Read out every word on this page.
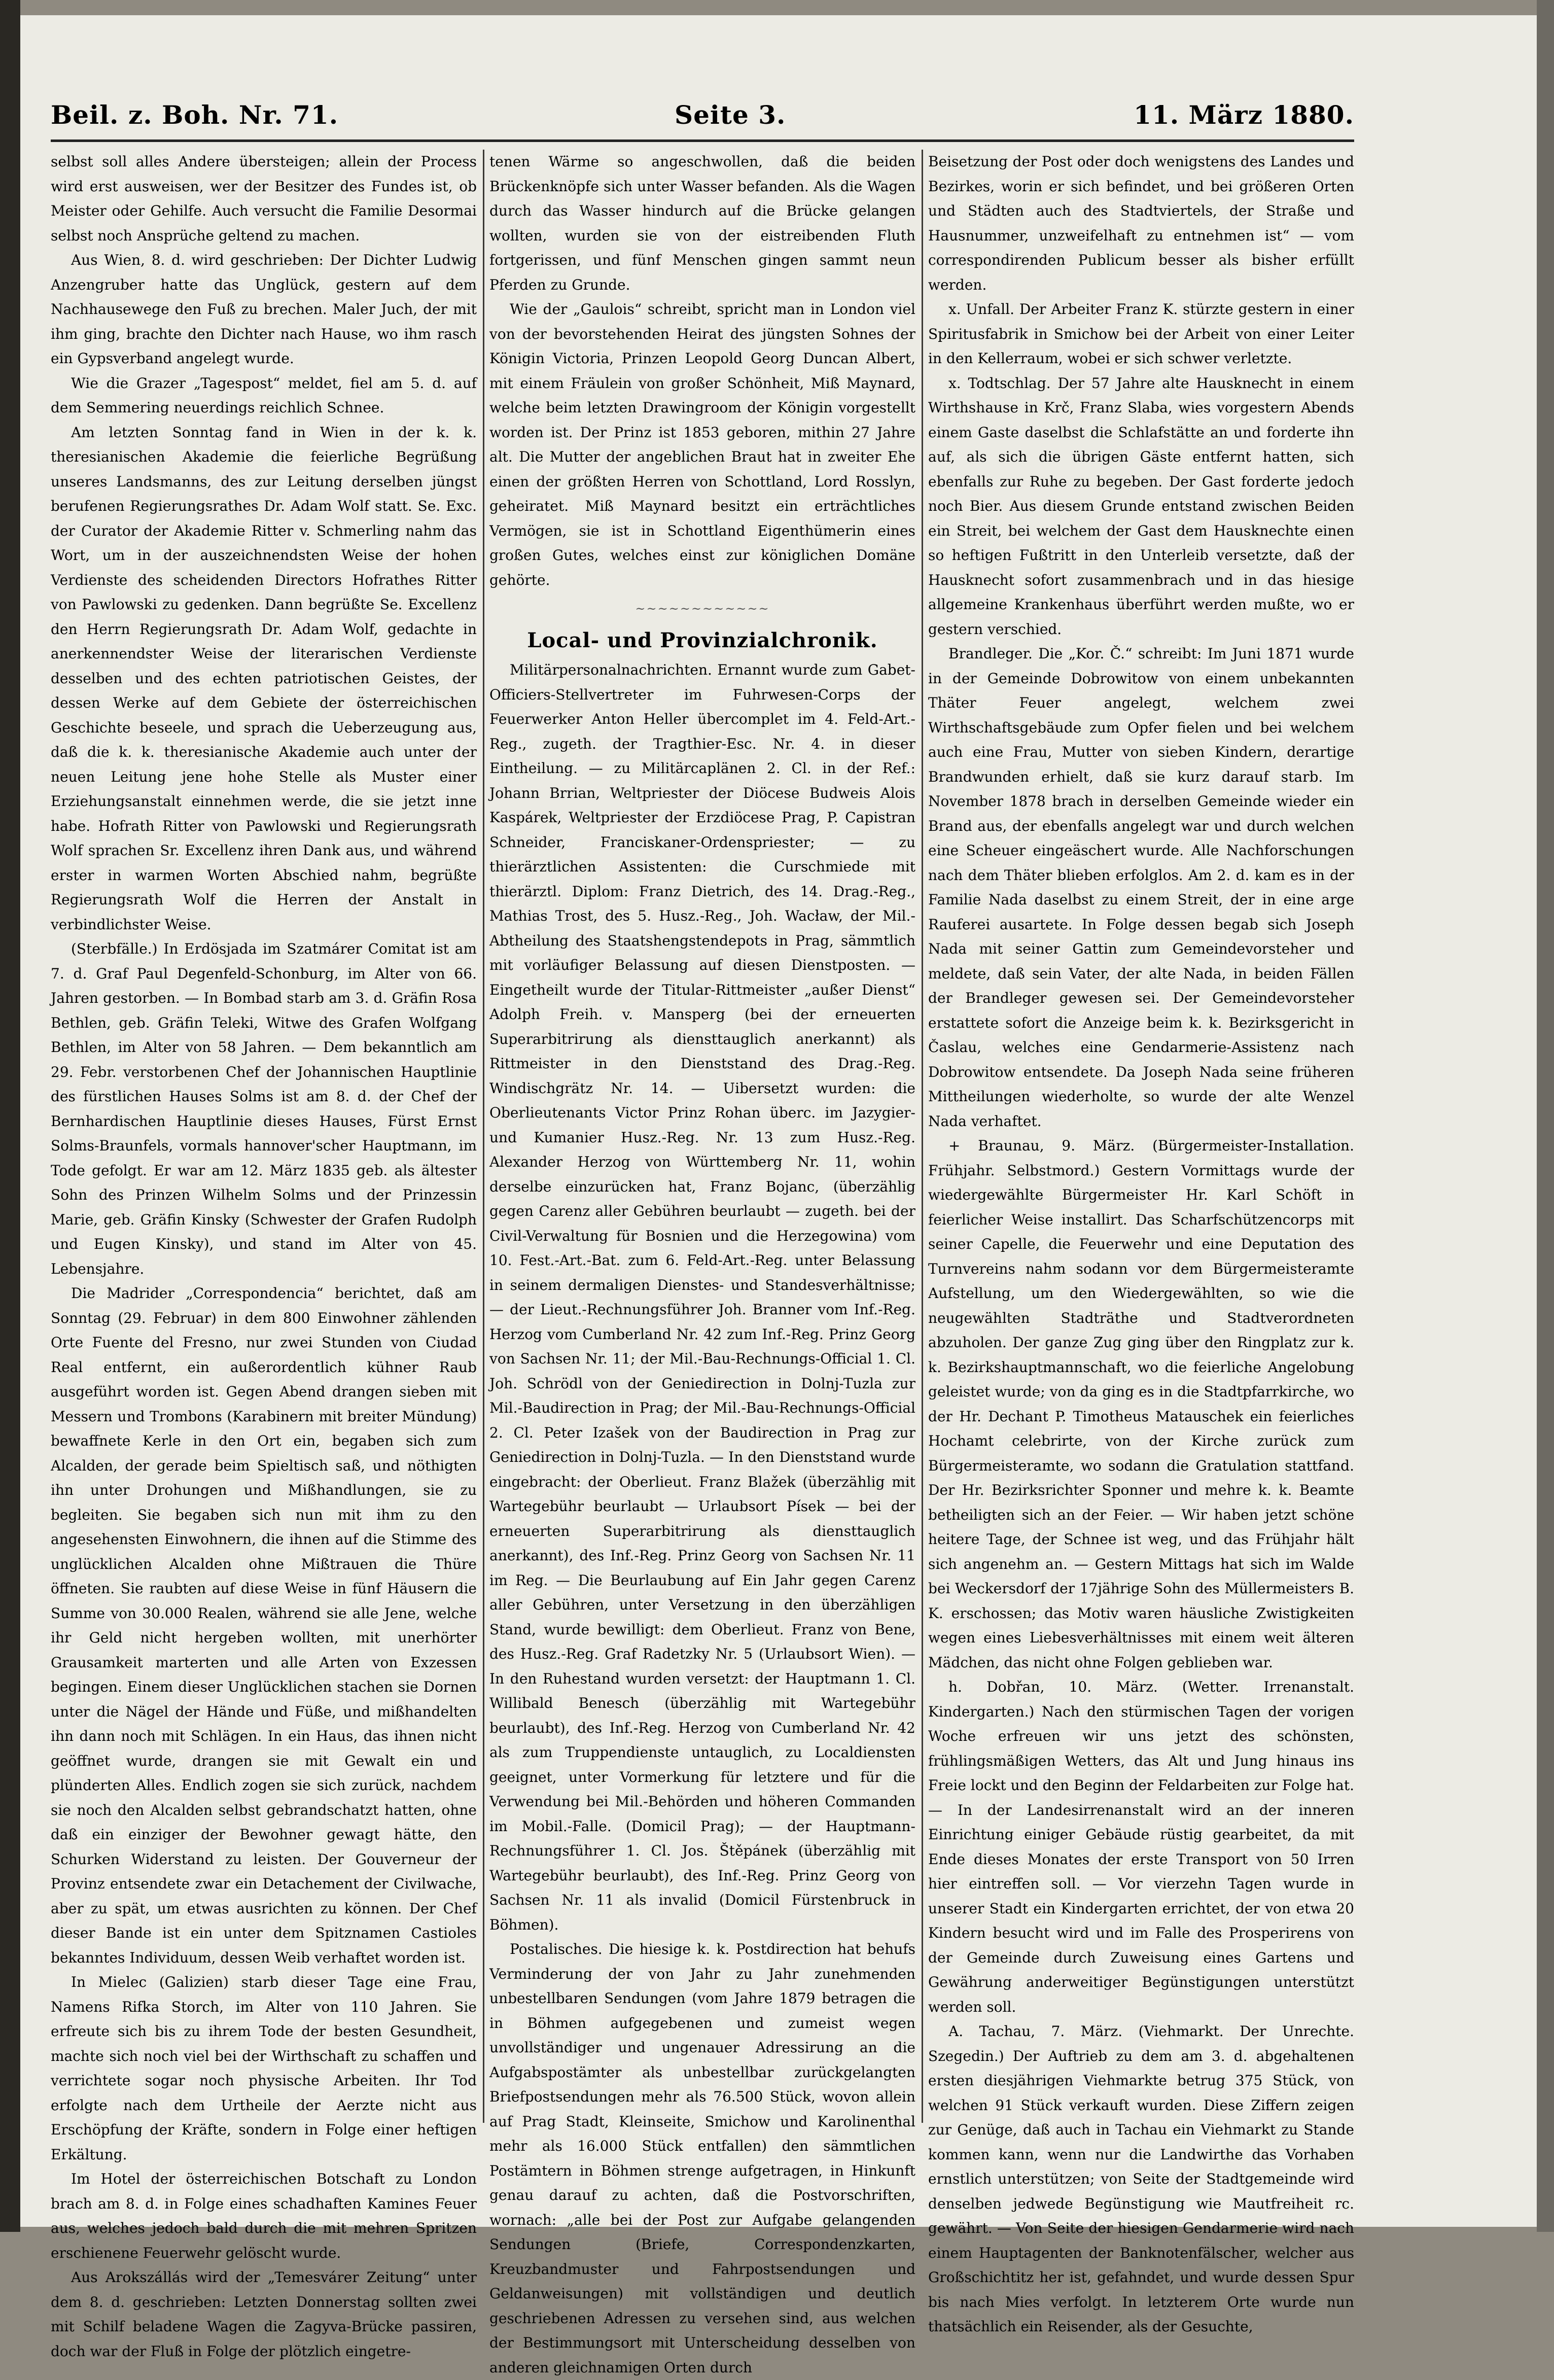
Beil. z. Boh. Nr. 71.	Seite 3.	11. März 1880.

selbst soll alles Andere übersteigen; allein der Process wird erst ausweisen, wer der Besitzer des Fundes ist, ob Meister oder Gehilfe. Auch versucht die Familie Desormai selbst noch Ansprüche geltend zu machen.

Aus Wien, 8. d. wird geschrieben: Der Dichter Ludwig Anzengruber hatte das Unglück, gestern auf dem Nachhausewege den Fuß zu brechen. Maler Juch, der mit ihm ging, brachte den Dichter nach Hause, wo ihm rasch ein Gypsverband angelegt wurde.

Wie die Grazer „Tagespost“ meldet, fiel am 5. d. auf dem Semmering neuerdings reichlich Schnee.

Am letzten Sonntag fand in Wien in der k. k. theresianischen Akademie die feierliche Begrüßung unseres Landsmanns, des zur Leitung derselben jüngst berufenen Regierungsrathes Dr. Adam Wolf statt. Se. Exc. der Curator der Akademie Ritter v. Schmerling nahm das Wort, um in der auszeichnendsten Weise der hohen Verdienste des scheidenden Directors Hofrathes Ritter von Pawlowski zu gedenken. Dann begrüßte Se. Excellenz den Herrn Regierungsrath Dr. Adam Wolf, gedachte in anerkennendster Weise der literarischen Verdienste desselben und des echten patriotischen Geistes, der dessen Werke auf dem Gebiete der österreichischen Geschichte beseele, und sprach die Ueberzeugung aus, daß die k. k. theresianische Akademie auch unter der neuen Leitung jene hohe Stelle als Muster einer Erziehungsanstalt einnehmen werde, die sie jetzt inne habe. Hofrath Ritter von Pawlowski und Regierungsrath Wolf sprachen Sr. Excellenz ihren Dank aus, und während erster in warmen Worten Abschied nahm, begrüßte Regierungsrath Wolf die Herren der Anstalt in verbindlichster Weise.

(Sterbfälle.) In Erdösjada im Szatmárer Comitat ist am 7. d. Graf Paul Degenfeld-Schonburg, im Alter von 66. Jahren gestorben. — In Bombad starb am 3. d. Gräfin Rosa Bethlen, geb. Gräfin Teleki, Witwe des Grafen Wolfgang Bethlen, im Alter von 58 Jahren. — Dem bekanntlich am 29. Febr. verstorbenen Chef der Johannischen Hauptlinie des fürstlichen Hauses Solms ist am 8. d. der Chef der Bernhardischen Hauptlinie dieses Hauses, Fürst Ernst Solms-Braunfels, vormals hannover'scher Hauptmann, im Tode gefolgt. Er war am 12. März 1835 geb. als ältester Sohn des Prinzen Wilhelm Solms und der Prinzessin Marie, geb. Gräfin Kinsky (Schwester der Grafen Rudolph und Eugen Kinsky), und stand im Alter von 45. Lebensjahre.

Die Madrider „Correspondencia“ berichtet, daß am Sonntag (29. Februar) in dem 800 Einwohner zählenden Orte Fuente del Fresno, nur zwei Stunden von Ciudad Real entfernt, ein außerordentlich kühner Raub ausgeführt worden ist. Gegen Abend drangen sieben mit Messern und Trombons (Karabinern mit breiter Mündung) bewaffnete Kerle in den Ort ein, begaben sich zum Alcalden, der gerade beim Spieltisch saß, und nöthigten ihn unter Drohungen und Mißhandlungen, sie zu begleiten. Sie begaben sich nun mit ihm zu den angesehensten Einwohnern, die ihnen auf die Stimme des unglücklichen Alcalden ohne Mißtrauen die Thüre öffneten. Sie raubten auf diese Weise in fünf Häusern die Summe von 30.000 Realen, während sie alle Jene, welche ihr Geld nicht hergeben wollten, mit unerhörter Grausamkeit marterten und alle Arten von Exzessen begingen. Einem dieser Unglücklichen stachen sie Dornen unter die Nägel der Hände und Füße, und mißhandelten ihn dann noch mit Schlägen. In ein Haus, das ihnen nicht geöffnet wurde, drangen sie mit Gewalt ein und plünderten Alles. Endlich zogen sie sich zurück, nachdem sie noch den Alcalden selbst gebrandschatzt hatten, ohne daß ein einziger der Bewohner gewagt hätte, den Schurken Widerstand zu leisten. Der Gouverneur der Provinz entsendete zwar ein Detachement der Civilwache, aber zu spät, um etwas ausrichten zu können. Der Chef dieser Bande ist ein unter dem Spitznamen Castioles bekanntes Individuum, dessen Weib verhaftet worden ist.

In Mielec (Galizien) starb dieser Tage eine Frau, Namens Rifka Storch, im Alter von 110 Jahren. Sie erfreute sich bis zu ihrem Tode der besten Gesundheit, machte sich noch viel bei der Wirthschaft zu schaffen und verrichtete sogar noch physische Arbeiten. Ihr Tod erfolgte nach dem Urtheile der Aerzte nicht aus Erschöpfung der Kräfte, sondern in Folge einer heftigen Erkältung.

Im Hotel der österreichischen Botschaft zu London brach am 8. d. in Folge eines schadhaften Kamines Feuer aus, welches jedoch bald durch die mit mehren Spritzen erschienene Feuerwehr gelöscht wurde.

Aus Arokszállás wird der „Temesvárer Zeitung“ unter dem 8. d. geschrieben: Letzten Donnerstag sollten zwei mit Schilf beladene Wagen die Zagyva-Brücke passiren, doch war der Fluß in Folge der plötzlich eingetre-

tenen Wärme so angeschwollen, daß die beiden Brückenknöpfe sich unter Wasser befanden. Als die Wagen durch das Wasser hindurch auf die Brücke gelangen wollten, wurden sie von der eistreibenden Fluth fortgerissen, und fünf Menschen gingen sammt neun Pferden zu Grunde.

Wie der „Gaulois“ schreibt, spricht man in London viel von der bevorstehenden Heirat des jüngsten Sohnes der Königin Victoria, Prinzen Leopold Georg Duncan Albert, mit einem Fräulein von großer Schönheit, Miß Maynard, welche beim letzten Drawingroom der Königin vorgestellt worden ist. Der Prinz ist 1853 geboren, mithin 27 Jahre alt. Die Mutter der angeblichen Braut hat in zweiter Ehe einen der größten Herren von Schottland, Lord Rosslyn, geheiratet. Miß Maynard besitzt ein erträchtliches Vermögen, sie ist in Schottland Eigenthümerin eines großen Gutes, welches einst zur königlichen Domäne gehörte.

~~~~~~~~~~~~
Local- und Provinzialchronik.

Militärpersonalnachrichten. Ernannt wurde zum Gabet-Officiers-Stellvertreter im Fuhrwesen-Corps der Feuerwerker Anton Heller übercomplet im 4. Feld-Art.-Reg., zugeth. der Tragthier-Esc. Nr. 4. in dieser Eintheilung. — zu Militärcaplänen 2. Cl. in der Ref.: Johann Brrian, Weltpriester der Diöcese Budweis Alois Kaspárek, Weltpriester der Erzdiöcese Prag, P. Capistran Schneider, Franciskaner-Ordenspriester; — zu thierärztlichen Assistenten: die Curschmiede mit thierärztl. Diplom: Franz Dietrich, des 14. Drag.-Reg., Mathias Trost, des 5. Husz.-Reg., Joh. Wacław, der Mil.-Abtheilung des Staatshengstendepots in Prag, sämmtlich mit vorläufiger Belassung auf diesen Dienstposten. — Eingetheilt wurde der Titular-Rittmeister „außer Dienst“ Adolph Freih. v. Mansperg (bei der erneuerten Superarbitrirung als diensttauglich anerkannt) als Rittmeister in den Dienststand des Drag.-Reg. Windischgrätz Nr. 14. — Uibersetzt wurden: die Oberlieutenants Victor Prinz Rohan überc. im Jazygier- und Kumanier Husz.-Reg. Nr. 13 zum Husz.-Reg. Alexander Herzog von Württemberg Nr. 11, wohin derselbe einzurücken hat, Franz Bojanc, (überzählig gegen Carenz aller Gebühren beurlaubt — zugeth. bei der Civil-Verwaltung für Bosnien und die Herzegowina) vom 10. Fest.-Art.-Bat. zum 6. Feld-Art.-Reg. unter Belassung in seinem dermaligen Dienstes- und Standesverhältnisse; — der Lieut.-Rechnungsführer Joh. Branner vom Inf.-Reg. Herzog vom Cumberland Nr. 42 zum Inf.-Reg. Prinz Georg von Sachsen Nr. 11; der Mil.-Bau-Rechnungs-Official 1. Cl. Joh. Schrödl von der Geniedirection in Dolnj-Tuzla zur Mil.-Baudirection in Prag; der Mil.-Bau-Rechnungs-Official 2. Cl. Peter Izašek von der Baudirection in Prag zur Geniedirection in Dolnj-Tuzla. — In den Dienststand wurde eingebracht: der Oberlieut. Franz Blažek (überzählig mit Wartegebühr beurlaubt — Urlaubsort Písek — bei der erneuerten Superarbitrirung als diensttauglich anerkannt), des Inf.-Reg. Prinz Georg von Sachsen Nr. 11 im Reg. — Die Beurlaubung auf Ein Jahr gegen Carenz aller Gebühren, unter Versetzung in den überzähligen Stand, wurde bewilligt: dem Oberlieut. Franz von Bene, des Husz.-Reg. Graf Radetzky Nr. 5 (Urlaubsort Wien). — In den Ruhestand wurden versetzt: der Hauptmann 1. Cl. Willibald Benesch (überzählig mit Wartegebühr beurlaubt), des Inf.-Reg. Herzog von Cumberland Nr. 42 als zum Truppendienste untauglich, zu Localdiensten geeignet, unter Vormerkung für letztere und für die Verwendung bei Mil.-Behörden und höheren Commanden im Mobil.-Falle. (Domicil Prag); — der Hauptmann-Rechnungsführer 1. Cl. Jos. Štěpánek (überzählig mit Wartegebühr beurlaubt), des Inf.-Reg. Prinz Georg von Sachsen Nr. 11 als invalid (Domicil Fürstenbruck in Böhmen).

Postalisches. Die hiesige k. k. Postdirection hat behufs Verminderung der von Jahr zu Jahr zunehmenden unbestellbaren Sendungen (vom Jahre 1879 betragen die in Böhmen aufgegebenen und zumeist wegen unvollständiger und ungenauer Adressirung an die Aufgabspostämter als unbestellbar zurückgelangten Briefpostsendungen mehr als 76.500 Stück, wovon allein auf Prag Stadt, Kleinseite, Smichow und Karolinenthal mehr als 16.000 Stück entfallen) den sämmtlichen Postämtern in Böhmen strenge aufgetragen, in Hinkunft genau darauf zu achten, daß die Postvorschriften, wornach: „alle bei der Post zur Aufgabe gelangenden Sendungen (Briefe, Correspondenzkarten, Kreuzbandmuster und Fahrpostsendungen und Geldanweisungen) mit vollständigen und deutlich geschriebenen Adressen zu versehen sind, aus welchen der Bestimmungsort mit Unterscheidung desselben von anderen gleichnamigen Orten durch

Beisetzung der Post oder doch wenigstens des Landes und Bezirkes, worin er sich befindet, und bei größeren Orten und Städten auch des Stadtviertels, der Straße und Hausnummer, unzweifelhaft zu entnehmen ist“ — vom correspondirenden Publicum besser als bisher erfüllt werden.

x. Unfall. Der Arbeiter Franz K. stürzte gestern in einer Spiritusfabrik in Smichow bei der Arbeit von einer Leiter in den Kellerraum, wobei er sich schwer verletzte.

x. Todtschlag. Der 57 Jahre alte Hausknecht in einem Wirthshause in Krč, Franz Slaba, wies vorgestern Abends einem Gaste daselbst die Schlafstätte an und forderte ihn auf, als sich die übrigen Gäste entfernt hatten, sich ebenfalls zur Ruhe zu begeben. Der Gast forderte jedoch noch Bier. Aus diesem Grunde entstand zwischen Beiden ein Streit, bei welchem der Gast dem Hausknechte einen so heftigen Fußtritt in den Unterleib versetzte, daß der Hausknecht sofort zusammenbrach und in das hiesige allgemeine Krankenhaus überführt werden mußte, wo er gestern verschied.

Brandleger. Die „Kor. Č.“ schreibt: Im Juni 1871 wurde in der Gemeinde Dobrowitow von einem unbekannten Thäter Feuer angelegt, welchem zwei Wirthschaftsgebäude zum Opfer fielen und bei welchem auch eine Frau, Mutter von sieben Kindern, derartige Brandwunden erhielt, daß sie kurz darauf starb. Im November 1878 brach in derselben Gemeinde wieder ein Brand aus, der ebenfalls angelegt war und durch welchen eine Scheuer eingeäschert wurde. Alle Nachforschungen nach dem Thäter blieben erfolglos. Am 2. d. kam es in der Familie Nada daselbst zu einem Streit, der in eine arge Rauferei ausartete. In Folge dessen begab sich Joseph Nada mit seiner Gattin zum Gemeindevorsteher und meldete, daß sein Vater, der alte Nada, in beiden Fällen der Brandleger gewesen sei. Der Gemeindevorsteher erstattete sofort die Anzeige beim k. k. Bezirksgericht in Časlau, welches eine Gendarmerie-Assistenz nach Dobrowitow entsendete. Da Joseph Nada seine früheren Mittheilungen wiederholte, so wurde der alte Wenzel Nada verhaftet.

+ Braunau, 9. März. (Bürgermeister-Installation. Frühjahr. Selbstmord.) Gestern Vormittags wurde der wiedergewählte Bürgermeister Hr. Karl Schöft in feierlicher Weise installirt. Das Scharfschützencorps mit seiner Capelle, die Feuerwehr und eine Deputation des Turnvereins nahm sodann vor dem Bürgermeisteramte Aufstellung, um den Wiedergewählten, so wie die neugewählten Stadträthe und Stadtverordneten abzuholen. Der ganze Zug ging über den Ringplatz zur k. k. Bezirkshauptmannschaft, wo die feierliche Angelobung geleistet wurde; von da ging es in die Stadtpfarrkirche, wo der Hr. Dechant P. Timotheus Matauschek ein feierliches Hochamt celebrirte, von der Kirche zurück zum Bürgermeisteramte, wo sodann die Gratulation stattfand. Der Hr. Bezirksrichter Sponner und mehre k. k. Beamte betheiligten sich an der Feier. — Wir haben jetzt schöne heitere Tage, der Schnee ist weg, und das Frühjahr hält sich angenehm an. — Gestern Mittags hat sich im Walde bei Weckersdorf der 17jährige Sohn des Müllermeisters B. K. erschossen; das Motiv waren häusliche Zwistigkeiten wegen eines Liebesverhältnisses mit einem weit älteren Mädchen, das nicht ohne Folgen geblieben war.

h. Dobřan, 10. März. (Wetter. Irrenanstalt. Kindergarten.) Nach den stürmischen Tagen der vorigen Woche erfreuen wir uns jetzt des schönsten, frühlingsmäßigen Wetters, das Alt und Jung hinaus ins Freie lockt und den Beginn der Feldarbeiten zur Folge hat. — In der Landesirrenanstalt wird an der inneren Einrichtung einiger Gebäude rüstig gearbeitet, da mit Ende dieses Monates der erste Transport von 50 Irren hier eintreffen soll. — Vor vierzehn Tagen wurde in unserer Stadt ein Kindergarten errichtet, der von etwa 20 Kindern besucht wird und im Falle des Prosperirens von der Gemeinde durch Zuweisung eines Gartens und Gewährung anderweitiger Begünstigungen unterstützt werden soll.

A. Tachau, 7. März. (Viehmarkt. Der Unrechte. Szegedin.) Der Auftrieb zu dem am 3. d. abgehaltenen ersten diesjährigen Viehmarkte betrug 375 Stück, von welchen 91 Stück verkauft wurden. Diese Ziffern zeigen zur Genüge, daß auch in Tachau ein Viehmarkt zu Stande kommen kann, wenn nur die Landwirthe das Vorhaben ernstlich unterstützen; von Seite der Stadtgemeinde wird denselben jedwede Begünstigung wie Mautfreiheit rc. gewährt. — Von Seite der hiesigen Gendarmerie wird nach einem Hauptagenten der Banknotenfälscher, welcher aus Großschichtitz her ist, gefahndet, und wurde dessen Spur bis nach Mies verfolgt. In letzterem Orte wurde nun thatsächlich ein Reisender, als der Gesuchte,
